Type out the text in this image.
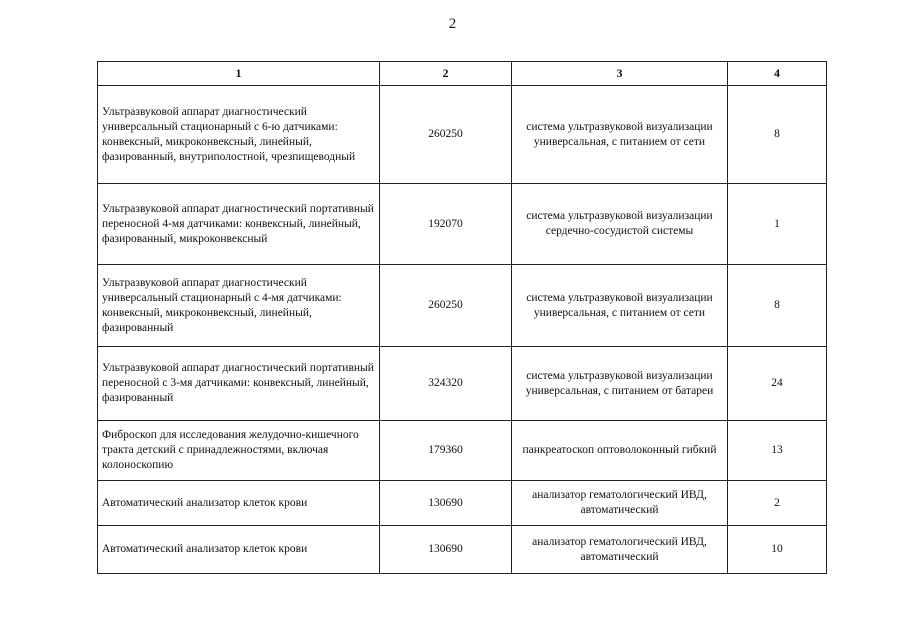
2
1	2	3	4
Ультразвуковой аппарат диагностический универсальный стационарный с 6-ю датчиками: конвексный, микроконвексный, линейный, фазированный, внутриполостной, чрезпищеводный	260250	система ультразвуковой визуализации универсальная, с питанием от сети	8
Ультразвуковой аппарат диагностический портативный переносной 4-мя датчиками: конвексный, линейный, фазированный, микроконвексный	192070	система ультразвуковой визуализации сердечно-сосудистой системы	1
Ультразвуковой аппарат диагностический универсальный стационарный с 4-мя датчиками: конвексный, микроконвексный, линейный, фазированный	260250	система ультразвуковой визуализации универсальная, с питанием от сети	8
Ультразвуковой аппарат диагностический портативный переносной с 3-мя датчиками: конвексный, линейный, фазированный	324320	система ультразвуковой визуализации универсальная, с питанием от батареи	24
Фиброскоп для исследования желудочно-кишечного тракта детский с принадлежностями, включая колоноскопию	179360	панкреатоскоп оптоволоконный гибкий	13
Автоматический анализатор клеток крови	130690	анализатор гематологический ИВД, автоматический	2
Автоматический анализатор клеток крови	130690	анализатор гематологический ИВД, автоматический	10
